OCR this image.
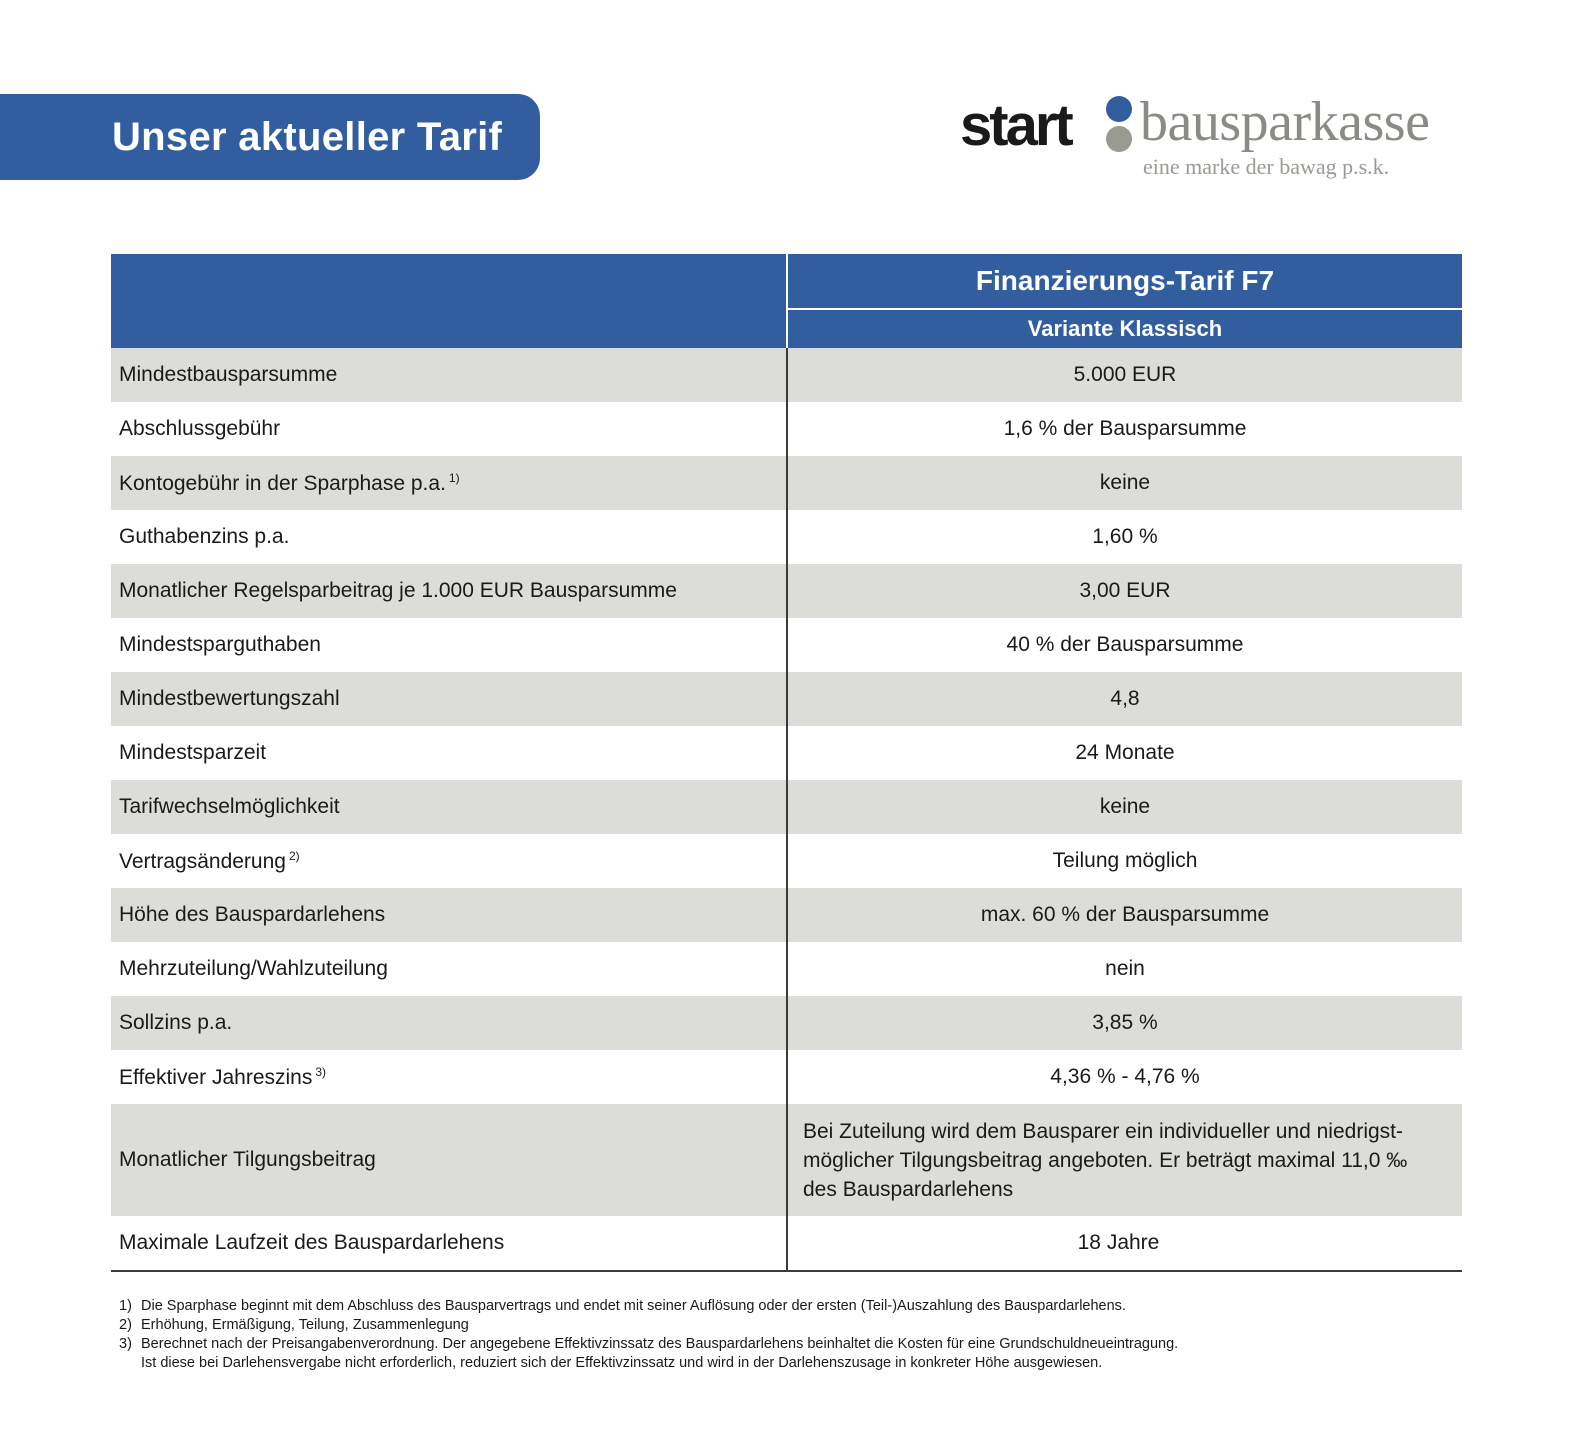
Unser aktueller Tarif	start bausparkasse
eine marke der bawag p.s.k.
	Finanzierungs-Tarif F7
	Variante Klassisch
Mindestbausparsumme	5.000 EUR
Abschlussgebühr	1,6 % der Bausparsumme
Kontogebühr in der Sparphase p.a. $^{1)}$	keine
Guthabenzins p.a.	1,60 %
Monatlicher Regelsparbeitrag je 1.000 EUR Bausparsumme	3,00 EUR
Mindestsparguthaben	40 % der Bausparsumme
Mindestbewertungszahl	4,8
Mindestsparzeit	24 Monate
Tarifwechselmöglichkeit	keine
Vertragsänderung $^{2)}$	Teilung möglich
Höhe des Bauspardarlehens	max. 60 % der Bausparsumme
Mehrzuteilung/Wahlzuteilung	nein
Sollzins p.a.	3,85 %
Effektiver Jahreszins $^{3)}$	4,36 % - 4,76 %
Monatlicher Tilgungsbeitrag	Bei Zuteilung wird dem Bausparer ein individueller und niedrigst-möglicher Tilgungsbeitrag angeboten. Er beträgt maximal 11,0 ‰ des Bauspardarlehens
Maximale Laufzeit des Bauspardarlehens	18 Jahre
1) Die Sparphase beginnt mit dem Abschluss des Bausparvertrags und endet mit seiner Auflösung oder der ersten (Teil-)Auszahlung des Bauspardarlehens.
2) Erhöhung, Ermäßigung, Teilung, Zusammenlegung
3) Berechnet nach der Preisangabenverordnung. Der angegebene Effektivzinssatz des Bauspardarlehens beinhaltet die Kosten für eine Grundschuldneueintragung.
Ist diese bei Darlehensvergabe nicht erforderlich, reduziert sich der Effektivzinssatz und wird in der Darlehenszusage in konkreter Höhe ausgewiesen.
